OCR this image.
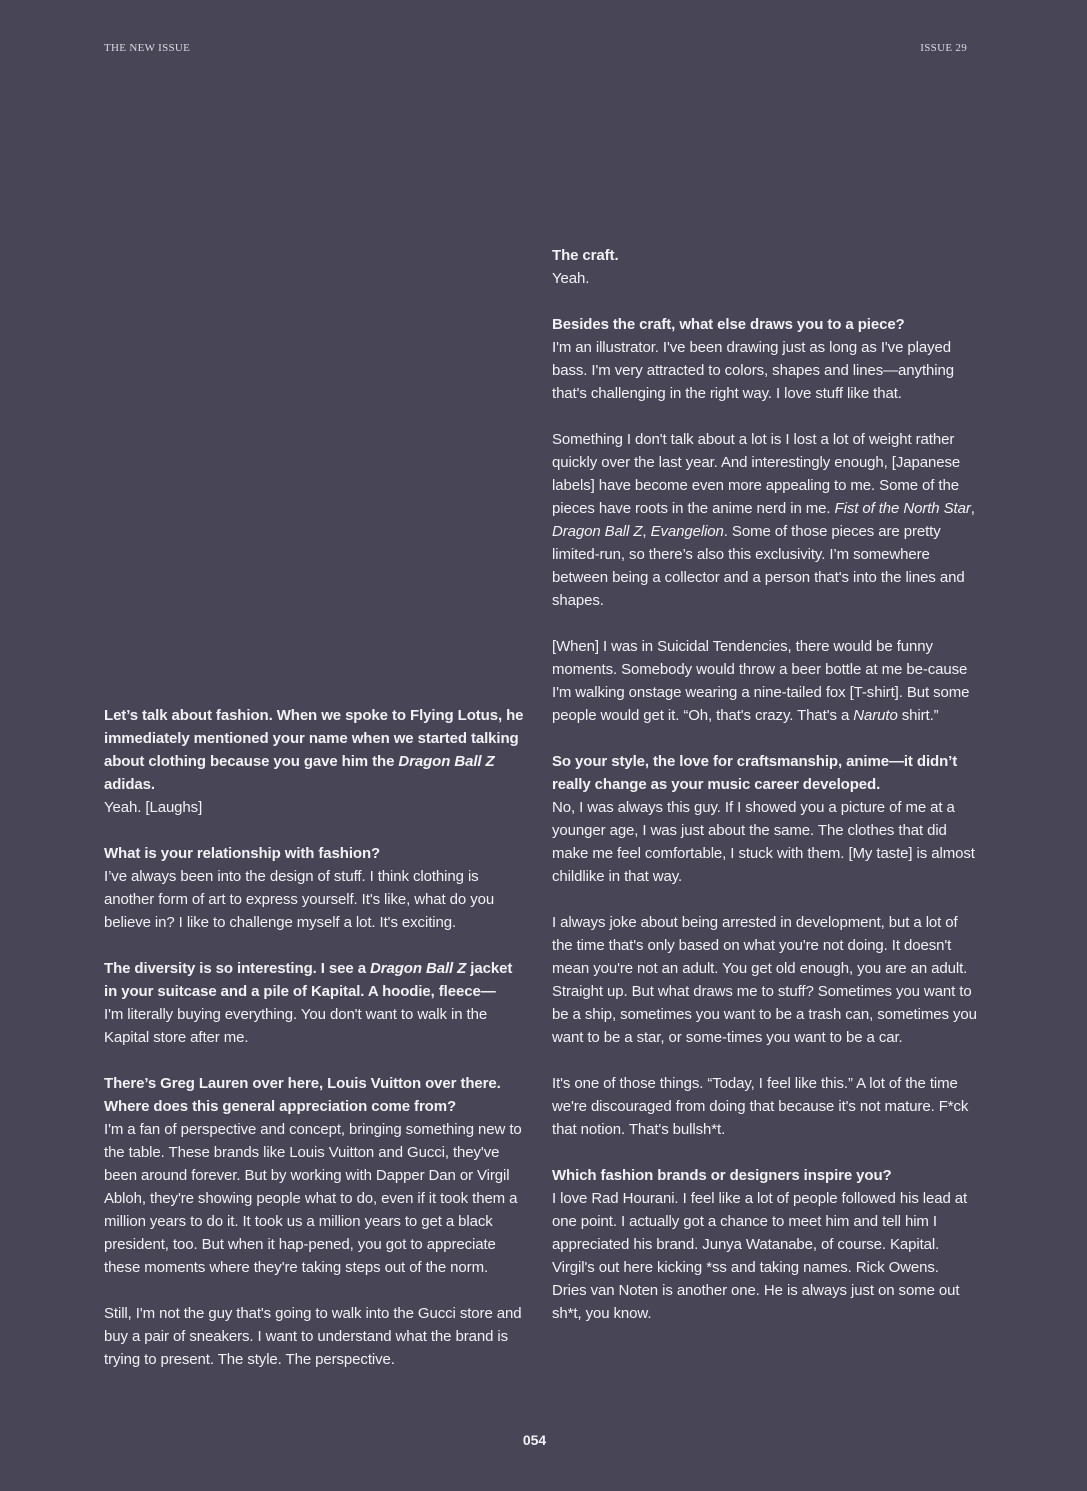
THE NEW ISSUE	ISSUE 29

Let’s talk about fashion. When we spoke to Flying Lotus, he immediately mentioned your name when we started talking about clothing because you gave him the Dragon Ball Z adidas.

Yeah. [Laughs]

What is your relationship with fashion?

I’ve always been into the design of stuff. I think clothing is another form of art to express yourself. It's like, what do you believe in? I like to challenge myself a lot. It's exciting.

The diversity is so interesting. I see a Dragon Ball Z jacket in your suitcase and a pile of Kapital. A hoodie, fleece—

I'm literally buying everything. You don't want to walk in the Kapital store after me.

There’s Greg Lauren over here, Louis Vuitton over there. Where does this general appreciation come from?

I'm a fan of perspective and concept, bringing something new to the table. These brands like Louis Vuitton and Gucci, they've been around forever. But by working with Dapper Dan or Virgil Abloh, they're showing people what to do, even if it took them a million years to do it. It took us a million years to get a black president, too. But when it hap-pened, you got to appreciate these moments where they're taking steps out of the norm.

Still, I'm not the guy that's going to walk into the Gucci store and buy a pair of sneakers. I want to understand what the brand is trying to present. The style. The perspective.

The craft.

Yeah.

Besides the craft, what else draws you to a piece?

I'm an illustrator. I've been drawing just as long as I've played bass. I'm very attracted to colors, shapes and lines—anything that's challenging in the right way. I love stuff like that.

Something I don't talk about a lot is I lost a lot of weight rather quickly over the last year. And interestingly enough, [Japanese labels] have become even more appealing to me. Some of the pieces have roots in the anime nerd in me. Fist of the North Star, Dragon Ball Z, Evangelion. Some of those pieces are pretty limited-run, so there’s also this exclusivity. I’m somewhere between being a collector and a person that's into the lines and shapes.

[When] I was in Suicidal Tendencies, there would be funny moments. Somebody would throw a beer bottle at me be-cause I'm walking onstage wearing a nine-tailed fox [T-shirt]. But some people would get it. “Oh, that's crazy. That's a Naruto shirt.”

So your style, the love for craftsmanship, anime—it didn’t really change as your music career developed.

No, I was always this guy. If I showed you a picture of me at a younger age, I was just about the same. The clothes that did make me feel comfortable, I stuck with them. [My taste] is almost childlike in that way.

I always joke about being arrested in development, but a lot of the time that's only based on what you're not doing. It doesn't mean you're not an adult. You get old enough, you are an adult. Straight up. But what draws me to stuff? Sometimes you want to be a ship, sometimes you want to be a trash can, sometimes you want to be a star, or some-times you want to be a car.

It's one of those things. “Today, I feel like this.” A lot of the time we're discouraged from doing that because it's not mature. F*ck that notion. That's bullsh*t.

Which fashion brands or designers inspire you?

I love Rad Hourani. I feel like a lot of people followed his lead at one point. I actually got a chance to meet him and tell him I appreciated his brand. Junya Watanabe, of course. Kapital. Virgil's out here kicking *ss and taking names. Rick Owens. Dries van Noten is another one. He is always just on some out sh*t, you know.

054
